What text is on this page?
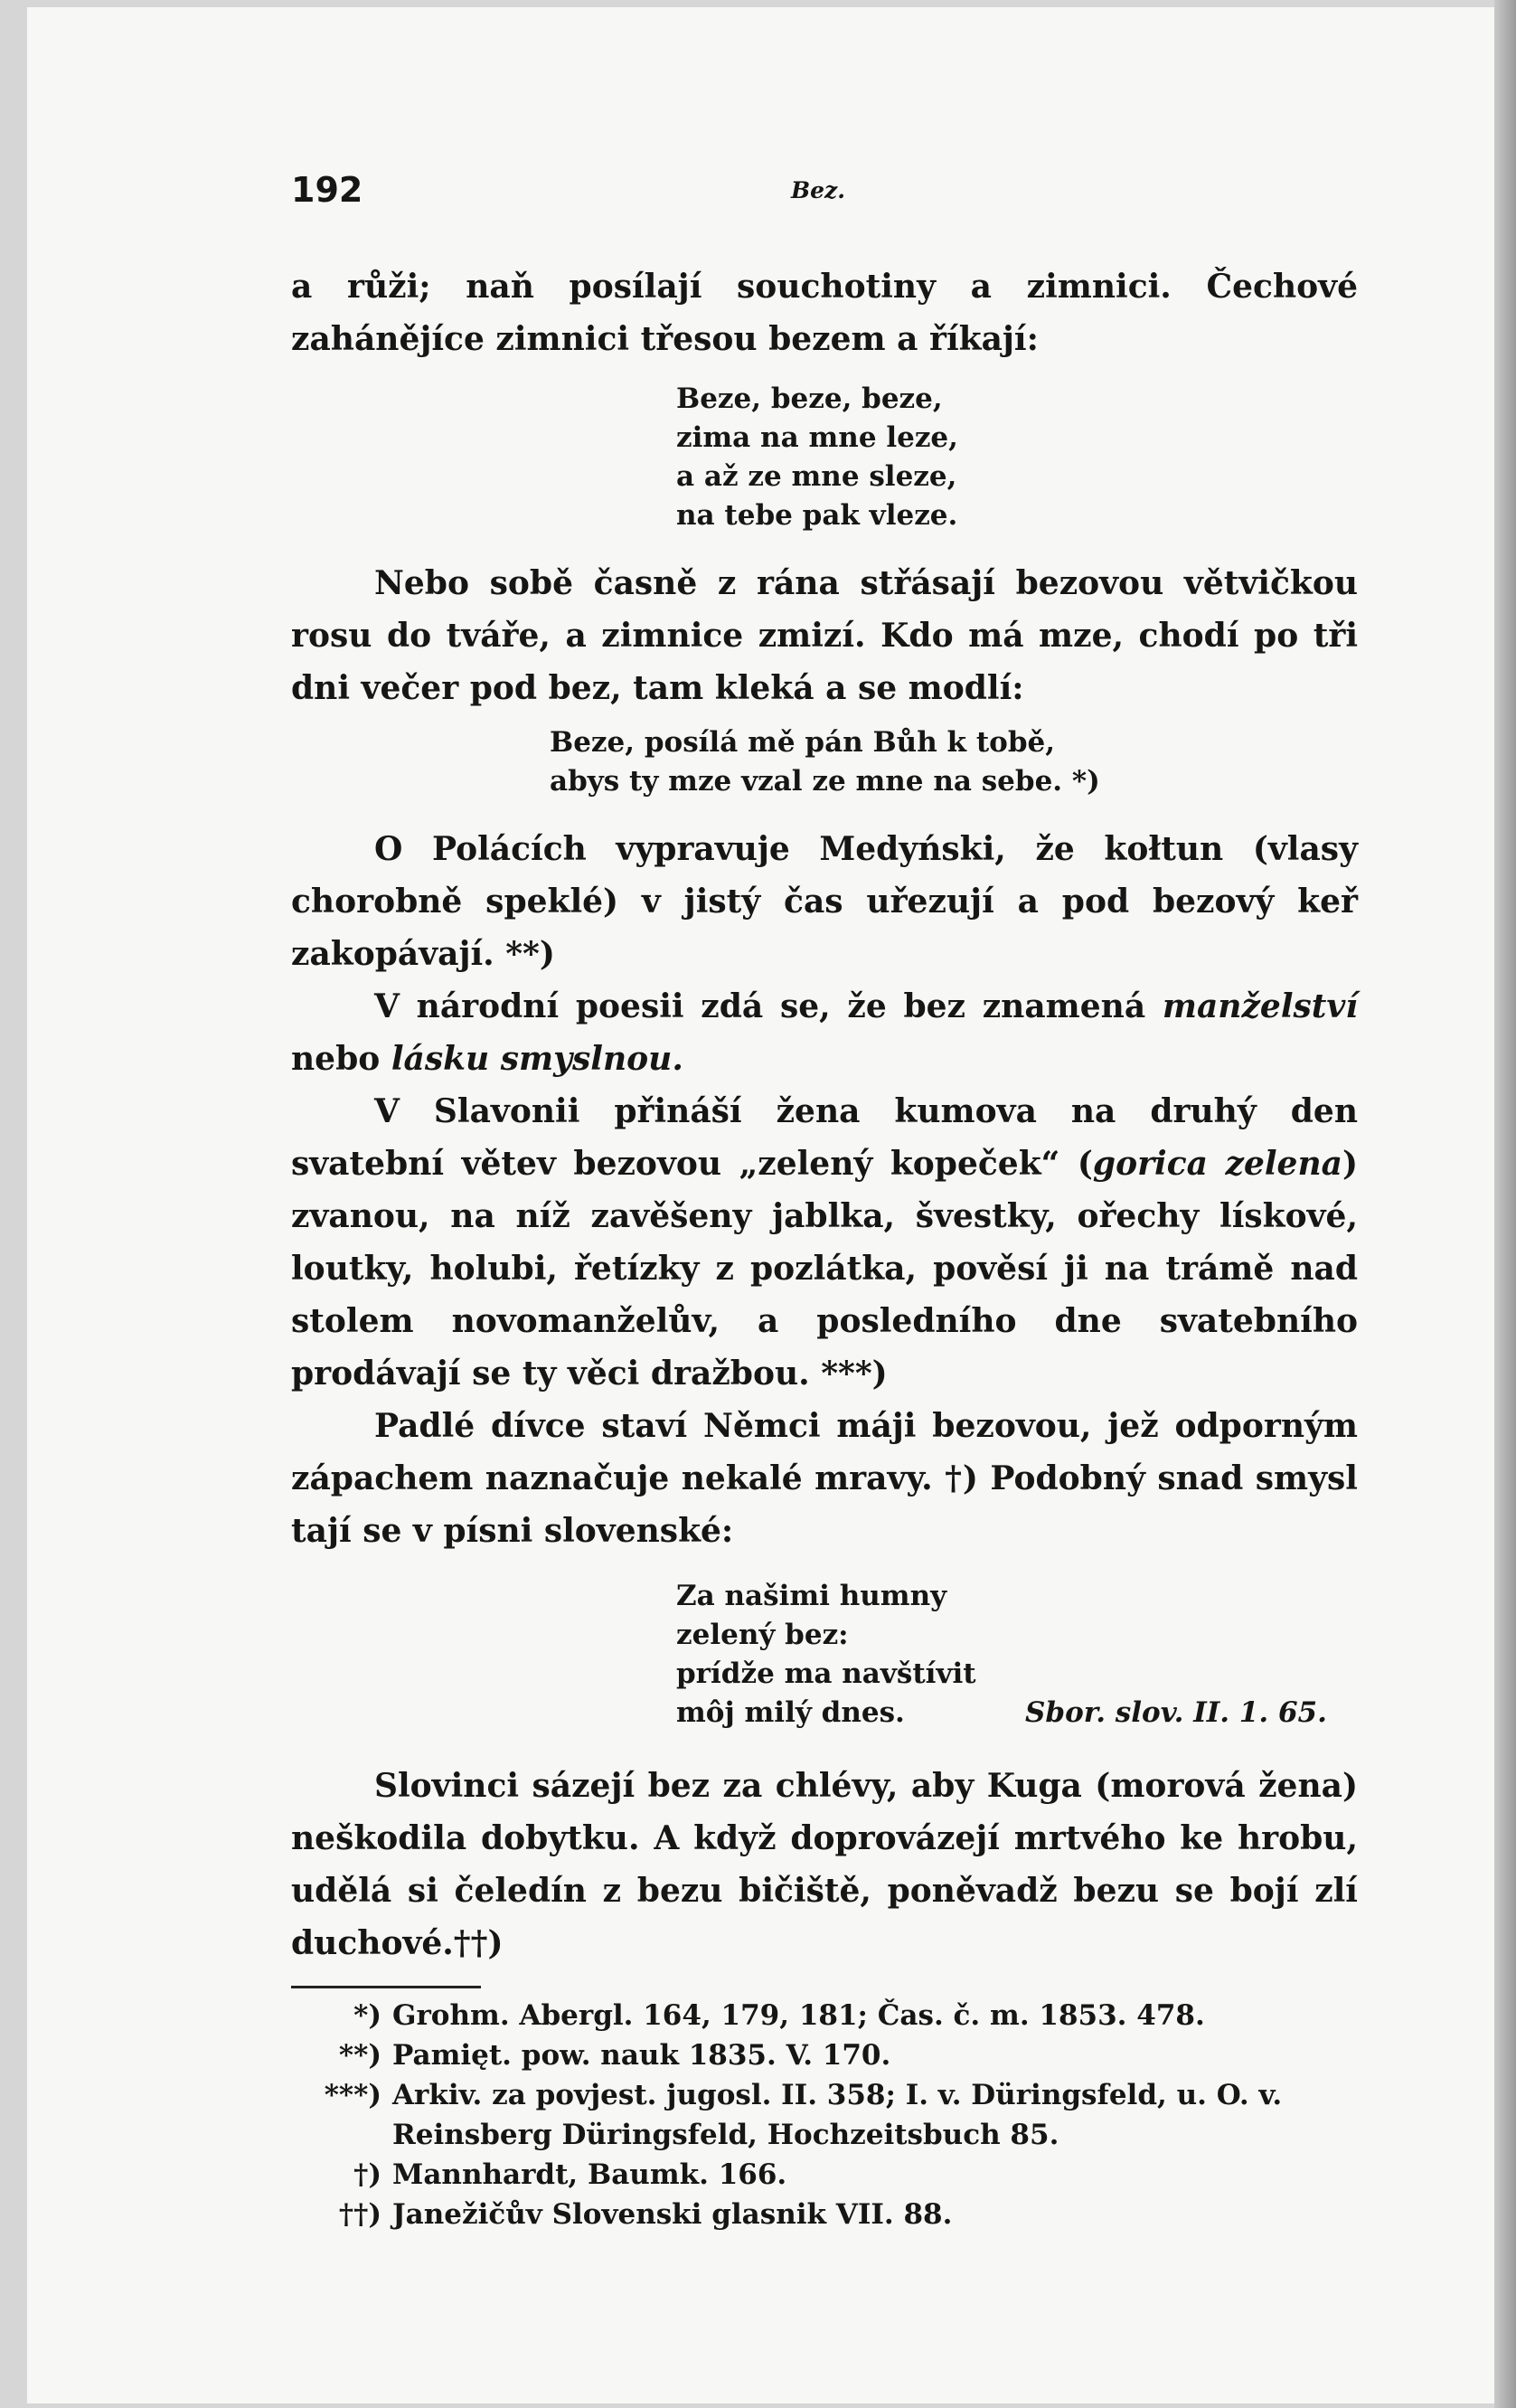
192	Bez.

a růži; naň posílají souchotiny a zimnici. Čechové zahánějíce zimnici třesou bezem a říkají:

Beze, beze, beze,
zima na mne leze,
a až ze mne sleze,
na tebe pak vleze.

Nebo sobě časně z rána střásají bezovou větvičkou rosu do tváře, a zimnice zmizí. Kdo má mze, chodí po tři dni večer pod bez, tam kleká a se modlí:

Beze, posílá mě pán Bůh k tobě,
abys ty mze vzal ze mne na sebe. *)

O Polácích vypravuje Medyński, že kołtun (vlasy chorobně speklé) v jistý čas uřezují a pod bezový keř zakopávají. **)

V národní poesii zdá se, že bez znamená manželství nebo lásku smyslnou.

V Slavonii přináší žena kumova na druhý den svatební větev bezovou „zelený kopeček“ (gorica zelena) zvanou, na níž zavěšeny jablka, švestky, ořechy lískové, loutky, holubi, řetízky z pozlátka, pověsí ji na trámě nad stolem novomanželův, a posledního dne svatebního prodávají se ty věci dražbou. ***)

Padlé dívce staví Němci máji bezovou, jež odporným zápachem naznačuje nekalé mravy. †) Podobný snad smysl tají se v písni slovenské:

Za našimi humny
zelený bez:
prídže ma navštívit
môj milý dnes.	Sbor. slov. II. 1. 65.

Slovinci sázejí bez za chlévy, aby Kuga (morová žena) neškodila dobytku. A když doprovázejí mrtvého ke hrobu, udělá si čeledín z bezu bičiště, poněvadž bezu se bojí zlí duchové.††)

*) Grohm. Abergl. 164, 179, 181; Čas. č. m. 1853. 478.
**) Pamięt. pow. nauk 1835. V. 170.
***) Arkiv. za povjest. jugosl. II. 358; I. v. Düringsfeld, u. O. v. Reinsberg Düringsfeld, Hochzeitsbuch 85.
†) Mannhardt, Baumk. 166.
††) Janežičův Slovenski glasnik VII. 88.
